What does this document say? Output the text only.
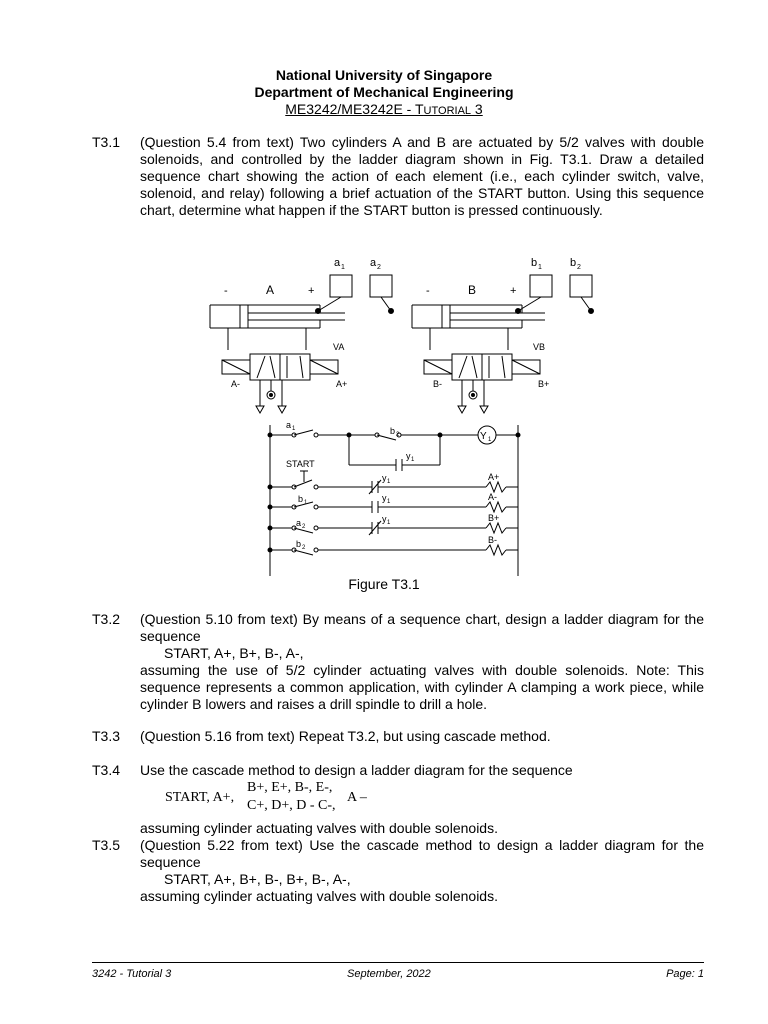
National University of Singapore
Department of Mechanical Engineering
ME3242/ME3242E - TUTORIAL 3
T3.1 (Question 5.4 from text) Two cylinders A and B are actuated by 5/2 valves with double solenoids, and controlled by the ladder diagram shown in Fig. T3.1. Draw a detailed sequence chart showing the action of each element (i.e., each cylinder switch, valve, solenoid, and relay) following a brief actuation of the START button. Using this sequence chart, determine what happen if the START button is pressed continuously.
a 1 a 2	b 1	b 2
-	A	+
VA
A-	A+
-	B	+
VB
B-	B+
a 1	b 2	Y 1
y 1
START
y 1	A+
b 1	y 1	A-
a 2
y 1	B+
b 2
B-
Figure T3.1
T3.2 (Question 5.10 from text) By means of a sequence chart, design a ladder diagram for the sequence
START, A+, B+, B-, A-,
assuming the use of 5/2 cylinder actuating valves with double solenoids. Note: This sequence represents a common application, with cylinder A clamping a work piece, while cylinder B lowers and raises a drill spindle to drill a hole.
T3.3 (Question 5.16 from text) Repeat T3.2, but using cascade method.
T3.4 Use the cascade method to design a ladder diagram for the sequence
START, A+,
B+, E+, B-, E-,
C+, D+, D - C-,
A –
assuming cylinder actuating valves with double solenoids.
T3.5 (Question 5.22 from text) Use the cascade method to design a ladder diagram for the sequence
START, A+, B+, B-, B+, B-, A-,
assuming cylinder actuating valves with double solenoids.
3242 - Tutorial 3	September, 2022	Page: 1
